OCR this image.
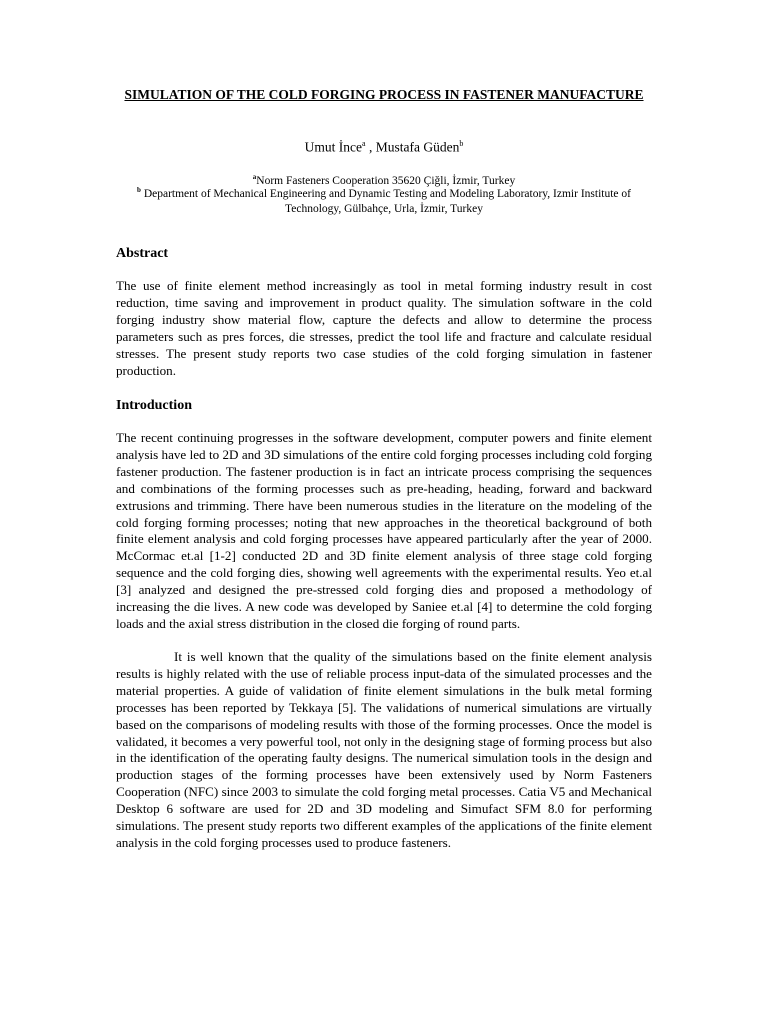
SIMULATION OF THE COLD FORGING PROCESS IN FASTENER MANUFACTURE
Umut İnce$^a$ , Mustafa Güden$^b$
$^a$Norm Fasteners Cooperation 35620 Çiğli, İzmir, Turkey
$^b$ Department of Mechanical Engineering and Dynamic Testing and Modeling Laboratory, Izmir Institute of Technology, Gülbahçe, Urla, İzmir, Turkey
Abstract

The use of finite element method increasingly as tool in metal forming industry result in cost reduction, time saving and improvement in product quality. The simulation software in the cold forging industry show material flow, capture the defects and allow to determine the process parameters such as pres forces, die stresses, predict the tool life and fracture and calculate residual stresses. The present study reports two case studies of the cold forging simulation in fastener production.

Introduction

The recent continuing progresses in the software development, computer powers and finite element analysis have led to 2D and 3D simulations of the entire cold forging processes including cold forging fastener production. The fastener production is in fact an intricate process comprising the sequences and combinations of the forming processes such as pre-heading, heading, forward and backward extrusions and trimming. There have been numerous studies in the literature on the modeling of the cold forging forming processes; noting that new approaches in the theoretical background of both finite element analysis and cold forging processes have appeared particularly after the year of 2000. McCormac et.al [1-2] conducted 2D and 3D finite element analysis of three stage cold forging sequence and the cold forging dies, showing well agreements with the experimental results. Yeo et.al [3] analyzed and designed the pre-stressed cold forging dies and proposed a methodology of increasing the die lives. A new code was developed by Saniee et.al [4] to determine the cold forging loads and the axial stress distribution in the closed die forging of round parts.

It is well known that the quality of the simulations based on the finite element analysis results is highly related with the use of reliable process input-data of the simulated processes and the material properties. A guide of validation of finite element simulations in the bulk metal forming processes has been reported by Tekkaya [5]. The validations of numerical simulations are virtually based on the comparisons of modeling results with those of the forming processes. Once the model is validated, it becomes a very powerful tool, not only in the designing stage of forming process but also in the identification of the operating faulty designs. The numerical simulation tools in the design and production stages of the forming processes have been extensively used by Norm Fasteners Cooperation (NFC) since 2003 to simulate the cold forging metal processes. Catia V5 and Mechanical Desktop 6 software are used for 2D and 3D modeling and Simufact SFM 8.0 for performing simulations. The present study reports two different examples of the applications of the finite element analysis in the cold forging processes used to produce fasteners.
